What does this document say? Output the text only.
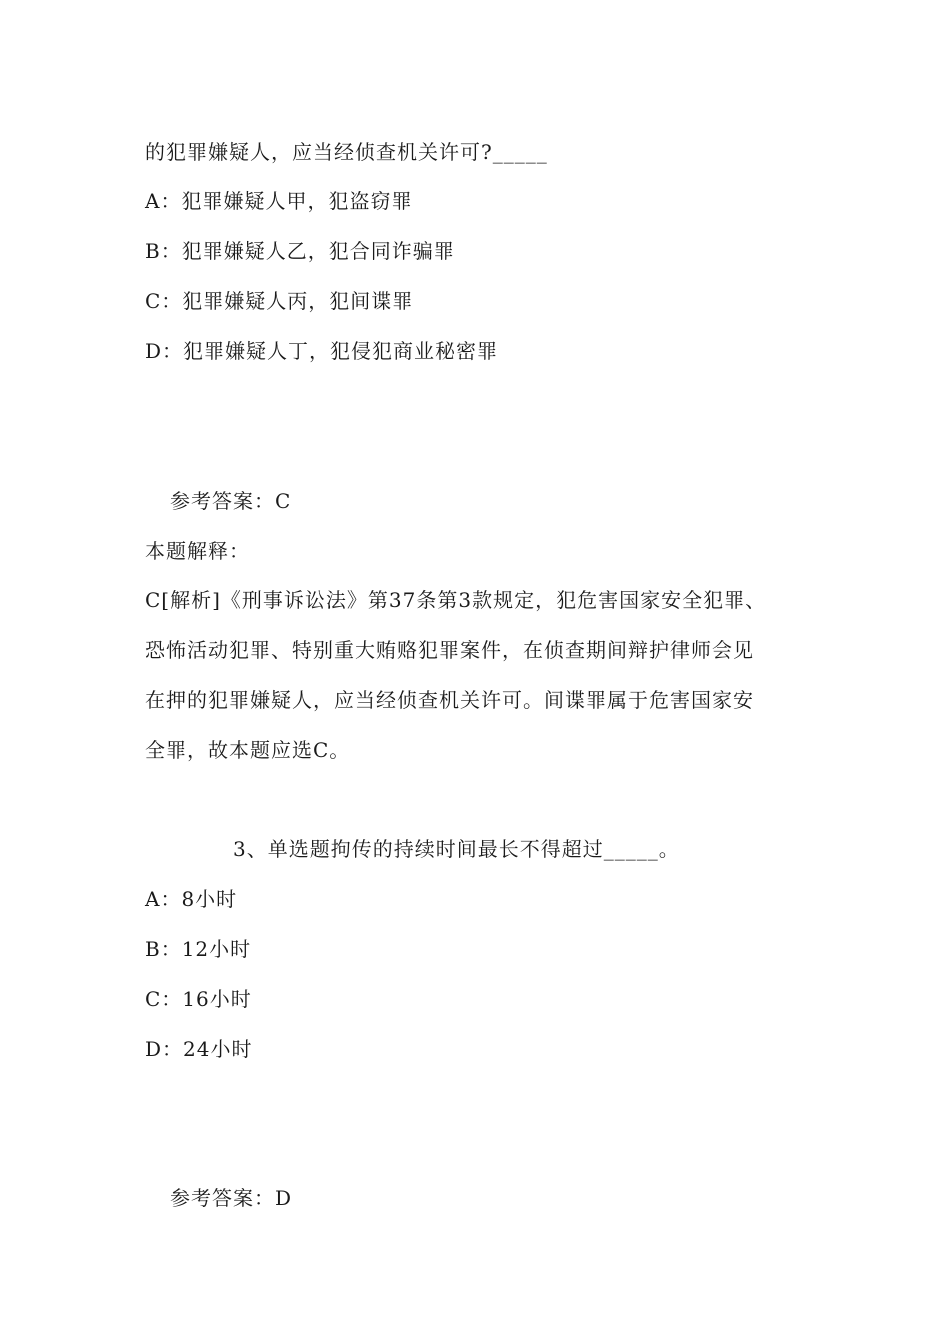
的犯罪嫌疑人，应当经侦查机关许可?_____
A：犯罪嫌疑人甲，犯盗窃罪
B：犯罪嫌疑人乙，犯合同诈骗罪
C：犯罪嫌疑人丙，犯间谍罪
D：犯罪嫌疑人丁，犯侵犯商业秘密罪
参考答案：C
本题解释：
C[解析]《刑事诉讼法》第37条第3款规定，犯危害国家安全犯罪、
恐怖活动犯罪、特别重大贿赂犯罪案件，在侦查期间辩护律师会见
在押的犯罪嫌疑人，应当经侦查机关许可。间谍罪属于危害国家安
全罪，故本题应选C。
3、单选题拘传的持续时间最长不得超过_____。
A：8小时
B：12小时
C：16小时
D：24小时
参考答案：D
